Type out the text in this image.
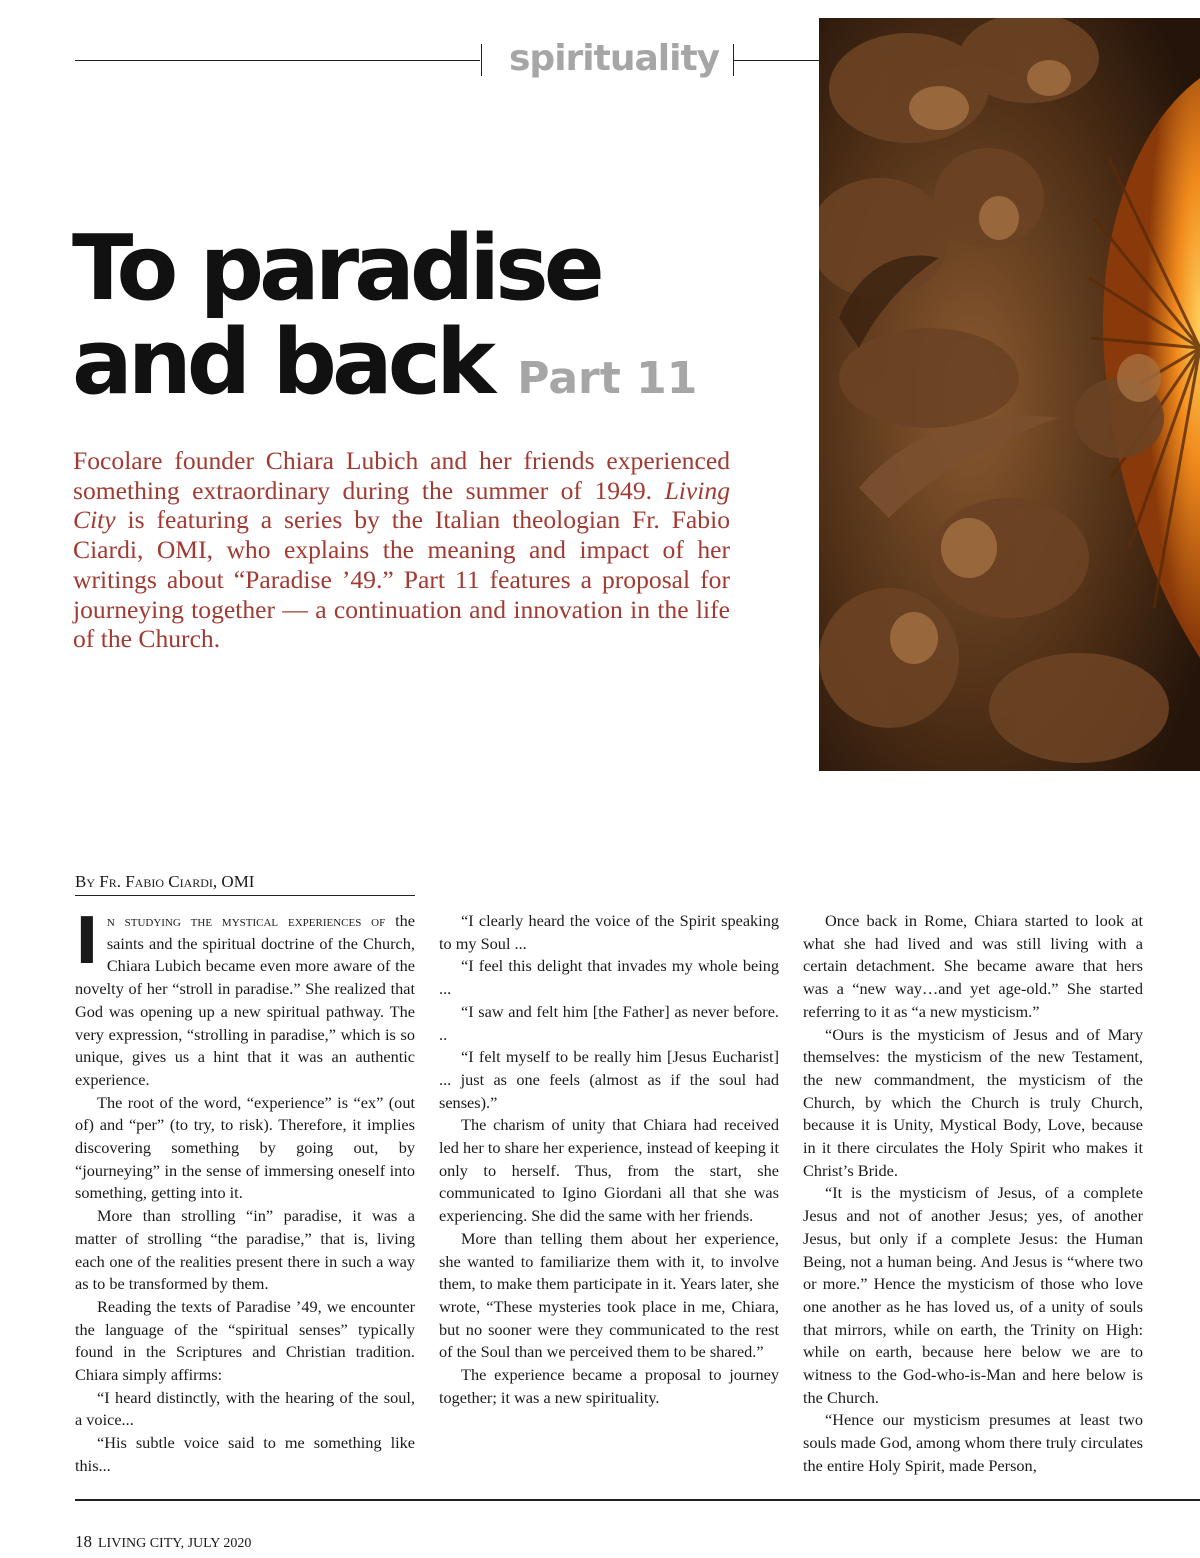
spirituality
To paradise
and back Part 11
Focolare founder Chiara Lubich and her friends experienced something extraordinary during the summer of 1949. Living City is featuring a series by the Italian theologian Fr. Fabio Ciardi, OMI, who explains the meaning and impact of her writings about “Paradise ’49.” Part 11 features a proposal for journeying together — a continuation and innovation in the life of the Church.
By Fr. Fabio Ciardi, OMI

In studying the mystical experiences of the saints and the spiritual doctrine of the Church, Chiara Lubich became even more aware of the novelty of her “stroll in paradise.” She realized that God was opening up a new spiritual pathway. The very expression, “strolling in paradise,” which is so unique, gives us a hint that it was an authentic experience.

The root of the word, “experience” is “ex” (out of) and “per” (to try, to risk). Therefore, it implies discovering something by going out, by “journeying” in the sense of immersing oneself into something, getting into it.

More than strolling “in” paradise, it was a matter of strolling “the paradise,” that is, living each one of the realities present there in such a way as to be transformed by them.

Reading the texts of Paradise ’49, we encounter the language of the “spiritual senses” typically found in the Scriptures and Christian tradition. Chiara simply affirms:

“I heard distinctly, with the hearing of the soul, a voice...

“His subtle voice said to me something like this...

“I clearly heard the voice of the Spirit speaking to my Soul ...

“I feel this delight that invades my whole being ...

“I saw and felt him [the Father] as never before. ..

“I felt myself to be really him [Jesus Eucharist] ... just as one feels (almost as if the soul had senses).”

The charism of unity that Chiara had received led her to share her experience, instead of keeping it only to herself. Thus, from the start, she communicated to Igino Giordani all that she was experiencing. She did the same with her friends.

More than telling them about her experience, she wanted to familiarize them with it, to involve them, to make them participate in it. Years later, she wrote, “These mysteries took place in me, Chiara, but no sooner were they communicated to the rest of the Soul than we perceived them to be shared.”

The experience became a proposal to journey together; it was a new spirituality.

Once back in Rome, Chiara started to look at what she had lived and was still living with a certain detachment. She became aware that hers was a “new way…and yet age-old.” She started referring to it as “a new mysticism.”

“Ours is the mysticism of Jesus and of Mary themselves: the mysticism of the new Testament, the new commandment, the mysticism of the Church, by which the Church is truly Church, because it is Unity, Mystical Body, Love, because in it there circulates the Holy Spirit who makes it Christ’s Bride.

“It is the mysticism of Jesus, of a complete Jesus and not of another Jesus; yes, of another Jesus, but only if a complete Jesus: the Human Being, not a human being. And Jesus is “where two or more.” Hence the mysticism of those who love one another as he has loved us, of a unity of souls that mirrors, while on earth, the Trinity on High: while on earth, because here below we are to witness to the God-who-is-Man and here below is the Church.

“Hence our mysticism presumes at least two souls made God, among whom there truly circulates the entire Holy Spirit, made Person,

18 LIVING CITY, JULY 2020
